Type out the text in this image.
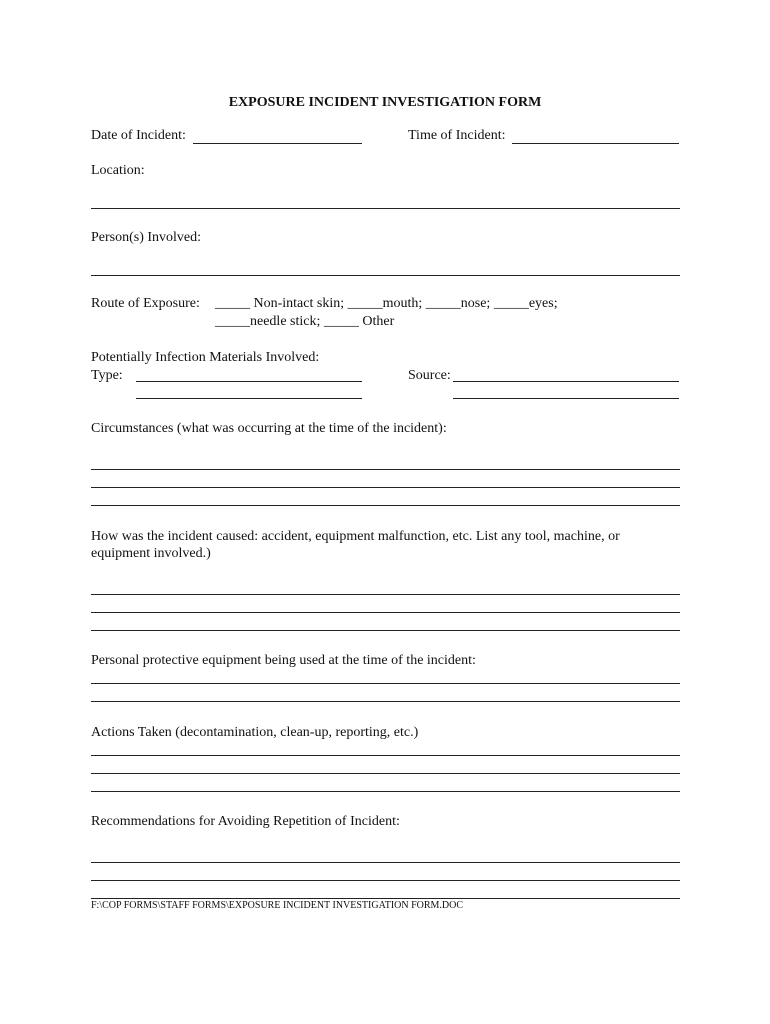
EXPOSURE INCIDENT INVESTIGATION FORM
Date of Incident:	Time of Incident:
Location:
Person(s) Involved:
Route of Exposure: _____ Non-intact skin; _____mouth; _____nose; _____eyes;
_____needle stick; _____ Other
Potentially Infection Materials Involved:
Type:	Source:
Circumstances (what was occurring at the time of the incident):
How was the incident caused: accident, equipment malfunction, etc. List any tool, machine, or
equipment involved.)
Personal protective equipment being used at the time of the incident:
Actions Taken (decontamination, clean-up, reporting, etc.)
Recommendations for Avoiding Repetition of Incident:
F:\COP FORMS\STAFF FORMS\EXPOSURE INCIDENT INVESTIGATION FORM.DOC
